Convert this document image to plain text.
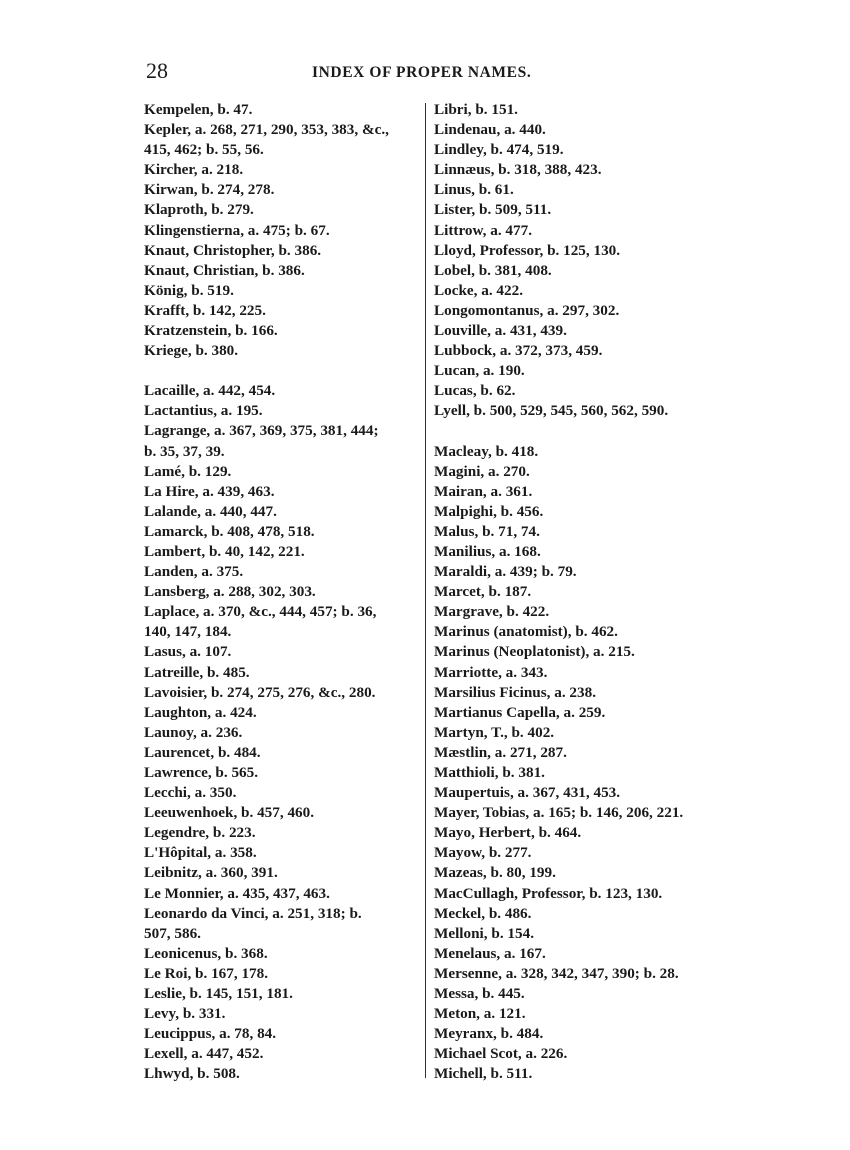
28	INDEX OF PROPER NAMES.
Kempelen, b. 47.
Kepler, a. 268, 271, 290, 353, 383, &c.,
415, 462; b. 55, 56.
Kircher, a. 218.
Kirwan, b. 274, 278.
Klaproth, b. 279.
Klingenstierna, a. 475; b. 67.
Knaut, Christopher, b. 386.
Knaut, Christian, b. 386.
König, b. 519.
Krafft, b. 142, 225.
Kratzenstein, b. 166.
Kriege, b. 380.
Lacaille, a. 442, 454.
Lactantius, a. 195.
Lagrange, a. 367, 369, 375, 381, 444;
b. 35, 37, 39.
Lamé, b. 129.
La Hire, a. 439, 463.
Lalande, a. 440, 447.
Lamarck, b. 408, 478, 518.
Lambert, b. 40, 142, 221.
Landen, a. 375.
Lansberg, a. 288, 302, 303.
Laplace, a. 370, &c., 444, 457; b. 36,
140, 147, 184.
Lasus, a. 107.
Latreille, b. 485.
Lavoisier, b. 274, 275, 276, &c., 280.
Laughton, a. 424.
Launoy, a. 236.
Laurencet, b. 484.
Lawrence, b. 565.
Lecchi, a. 350.
Leeuwenhoek, b. 457, 460.
Legendre, b. 223.
L'Hôpital, a. 358.
Leibnitz, a. 360, 391.
Le Monnier, a. 435, 437, 463.
Leonardo da Vinci, a. 251, 318; b.
507, 586.
Leonicenus, b. 368.
Le Roi, b. 167, 178.
Leslie, b. 145, 151, 181.
Levy, b. 331.
Leucippus, a. 78, 84.
Lexell, a. 447, 452.
Lhwyd, b. 508.
Libri, b. 151.
Lindenau, a. 440.
Lindley, b. 474, 519.
Linnæus, b. 318, 388, 423.
Linus, b. 61.
Lister, b. 509, 511.
Littrow, a. 477.
Lloyd, Professor, b. 125, 130.
Lobel, b. 381, 408.
Locke, a. 422.
Longomontanus, a. 297, 302.
Louville, a. 431, 439.
Lubbock, a. 372, 373, 459.
Lucan, a. 190.
Lucas, b. 62.
Lyell, b. 500, 529, 545, 560, 562, 590.
Macleay, b. 418.
Magini, a. 270.
Mairan, a. 361.
Malpighi, b. 456.
Malus, b. 71, 74.
Manilius, a. 168.
Maraldi, a. 439; b. 79.
Marcet, b. 187.
Margrave, b. 422.
Marinus (anatomist), b. 462.
Marinus (Neoplatonist), a. 215.
Marriotte, a. 343.
Marsilius Ficinus, a. 238.
Martianus Capella, a. 259.
Martyn, T., b. 402.
Mæstlin, a. 271, 287.
Matthioli, b. 381.
Maupertuis, a. 367, 431, 453.
Mayer, Tobias, a. 165; b. 146, 206, 221.
Mayo, Herbert, b. 464.
Mayow, b. 277.
Mazeas, b. 80, 199.
MacCullagh, Professor, b. 123, 130.
Meckel, b. 486.
Melloni, b. 154.
Menelaus, a. 167.
Mersenne, a. 328, 342, 347, 390; b. 28.
Messa, b. 445.
Meton, a. 121.
Meyranx, b. 484.
Michael Scot, a. 226.
Michell, b. 511.
